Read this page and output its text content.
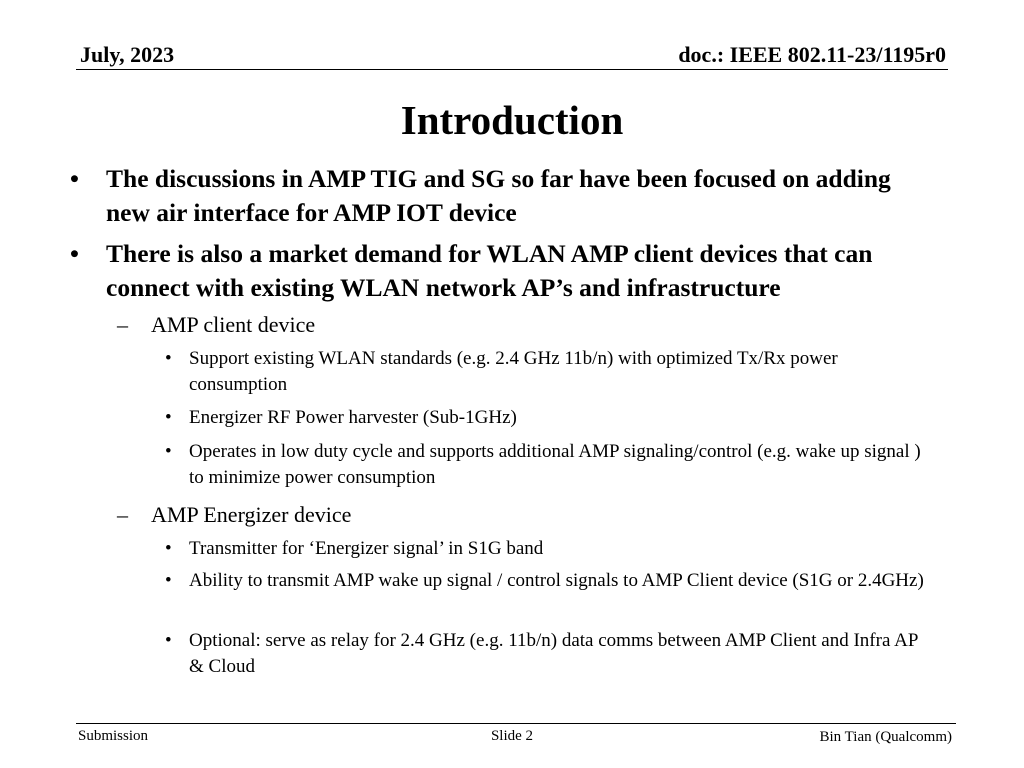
July, 2023	doc.: IEEE 802.11-23/1195r0
Introduction
• The discussions in AMP TIG and SG so far have been focused on adding new air interface for AMP IOT device
• There is also a market demand for WLAN AMP client devices that can connect with existing WLAN network AP’s and infrastructure
– AMP client device
• Support existing WLAN standards (e.g. 2.4 GHz 11b/n) with optimized Tx/Rx power consumption
• Energizer RF Power harvester (Sub-1GHz)
• Operates in low duty cycle and supports additional AMP signaling/control (e.g. wake up signal ) to minimize power consumption
– AMP Energizer device
• Transmitter for ‘Energizer signal’ in S1G band
• Ability to transmit AMP wake up signal / control signals to AMP Client device (S1G or 2.4GHz)
• Optional: serve as relay for 2.4 GHz (e.g. 11b/n) data comms between AMP Client and Infra AP & Cloud
Submission	Slide 2	Bin Tian (Qualcomm)
